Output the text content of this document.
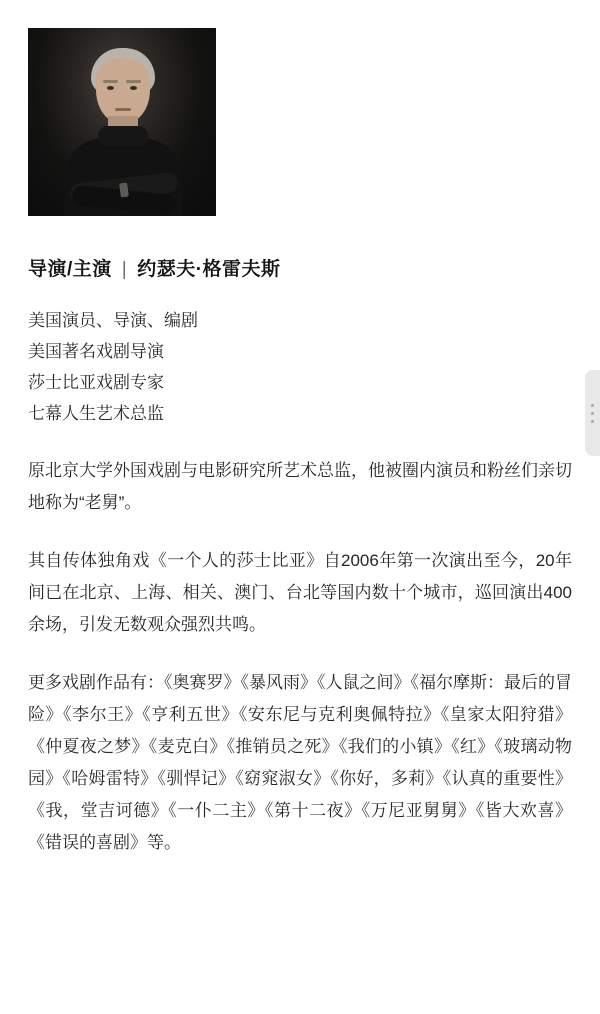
导演/主演 | 约瑟夫·格雷夫斯
美国演员、导演、编剧
美国著名戏剧导演
莎士比亚戏剧专家
七幕人生艺术总监
原北京大学外国戏剧与电影研究所艺术总监，他被圈内演员和粉丝们亲切地称为“老舅”。
其自传体独角戏《一个人的莎士比亚》自2006年第一次演出至今，20年间已在北京、上海、相关、澳门、台北等国内数十个城市，巡回演出400余场，引发无数观众强烈共鸣。
更多戏剧作品有：《奥赛罗》《暴风雨》《人鼠之间》《福尔摩斯：最后的冒险》《李尔王》《亨利五世》《安东尼与克利奥佩特拉》《皇家太阳狩猎》《仲夏夜之梦》《麦克白》《推销员之死》《我们的小镇》《红》《玻璃动物园》《哈姆雷特》《驯悍记》《窈窕淑女》《你好，多莉》《认真的重要性》《我，堂吉诃德》《一仆二主》《第十二夜》《万尼亚舅舅》《皆大欢喜》《错误的喜剧》等。
